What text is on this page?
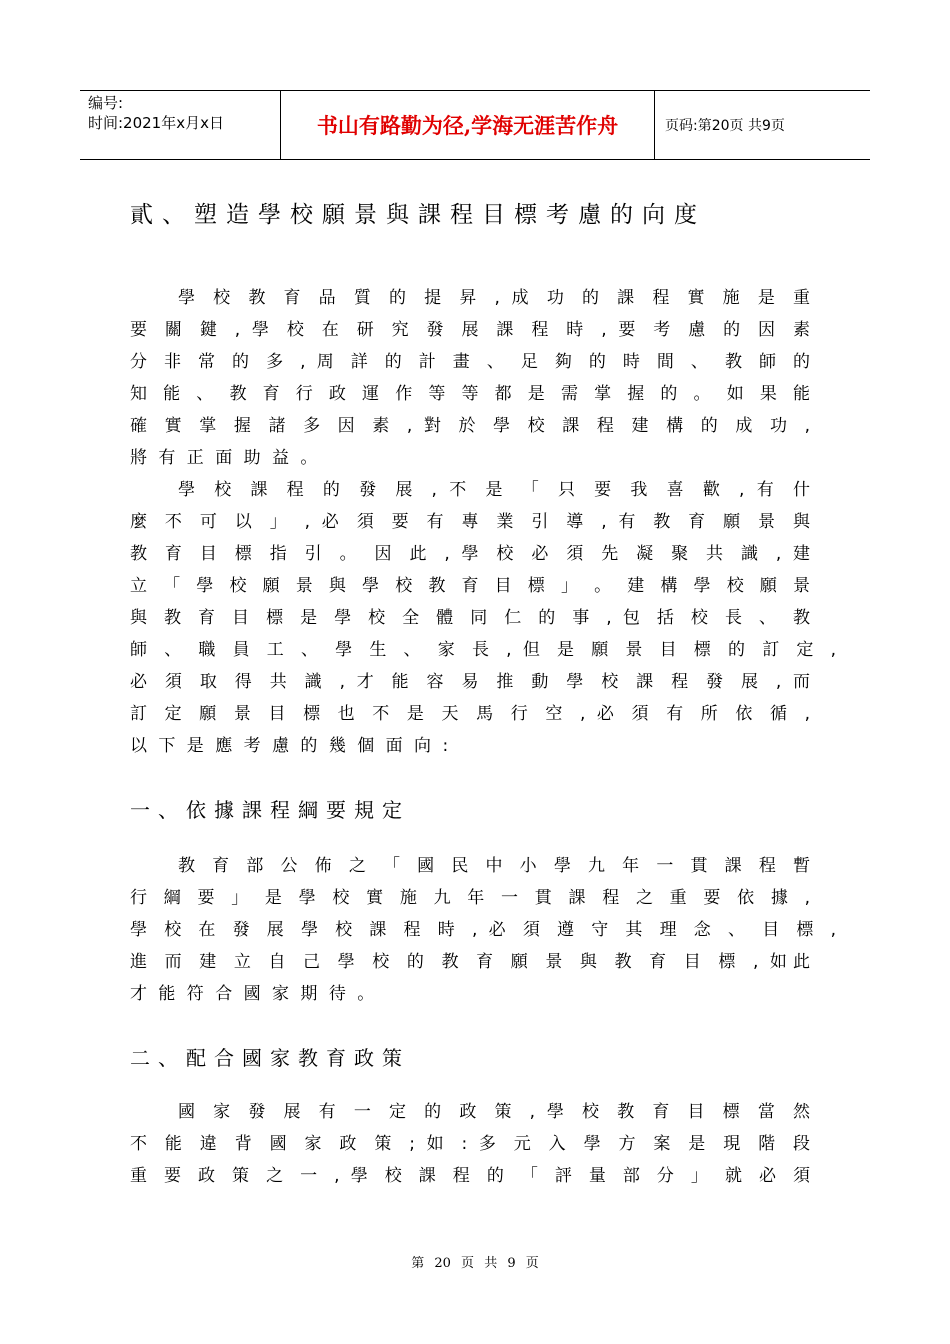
编号:
时间:2021年x月x日	书山有路勤为径,学海无涯苦作舟	页码:第20页 共9页
貳、塑造學校願景與課程目標考慮的向度
學 校 教 育 品 質 的 提 昇 , 成 功 的 課 程 實 施 是 重
要 關 鍵 , 學 校 在 研 究 發 展 課 程 時 , 要 考 慮 的 因 素
分 非 常 的 多 , 周 詳 的 計 畫 、 足 夠 的 時 間 、 教 師 的
知 能 、 教 育 行 政 運 作 等 等 都 是 需 掌 握 的 。 如 果 能
確 實 掌 握 諸 多 因 素 , 對 於 學 校 課 程 建 構 的 成 功 ,
將 有 正 面 助 益 。
學 校 課 程 的 發 展 , 不 是 「 只 要 我 喜 歡 , 有 什
麼 不 可 以 」 , 必 須 要 有 專 業 引 導 , 有 教 育 願 景 與
教 育 目 標 指 引 。 因 此 , 學 校 必 須 先 凝 聚 共 識 , 建
立 「 學 校 願 景 與 學 校 教 育 目 標 」 。 建 構 學 校 願 景
與 教 育 目 標 是 學 校 全 體 同 仁 的 事 , 包 括 校 長 、 教
師 、 職 員 工 、 學 生 、 家 長 , 但 是 願 景 目 標 的 訂 定 ,
必 須 取 得 共 識 , 才 能 容 易 推 動 學 校 課 程 發 展 , 而
訂 定 願 景 目 標 也 不 是 天 馬 行 空 , 必 須 有 所 依 循 ,
以 下 是 應 考 慮 的 幾 個 面 向 :
一、依據課程綱要規定
教 育 部 公 佈 之 「 國 民 中 小 學 九 年 一 貫 課 程 暫
行 綱 要 」 是 學 校 實 施 九 年 一 貫 課 程 之 重 要 依 據 ,
學 校 在 發 展 學 校 課 程 時 , 必 須 遵 守 其 理 念 、 目 標 ,
進 而 建 立 自 己 學 校 的 教 育 願 景 與 教 育 目 標 , 如此
才 能 符 合 國 家 期 待 。
二、配合國家教育政策
國 家 發 展 有 一 定 的 政 策 , 學 校 教 育 目 標 當 然
不 能 違 背 國 家 政 策 ; 如 : 多 元 入 學 方 案 是 現 階 段
重 要 政 策 之 一 , 學 校 課 程 的 「 評 量 部 分 」 就 必 須
第 20 页 共 9 页
